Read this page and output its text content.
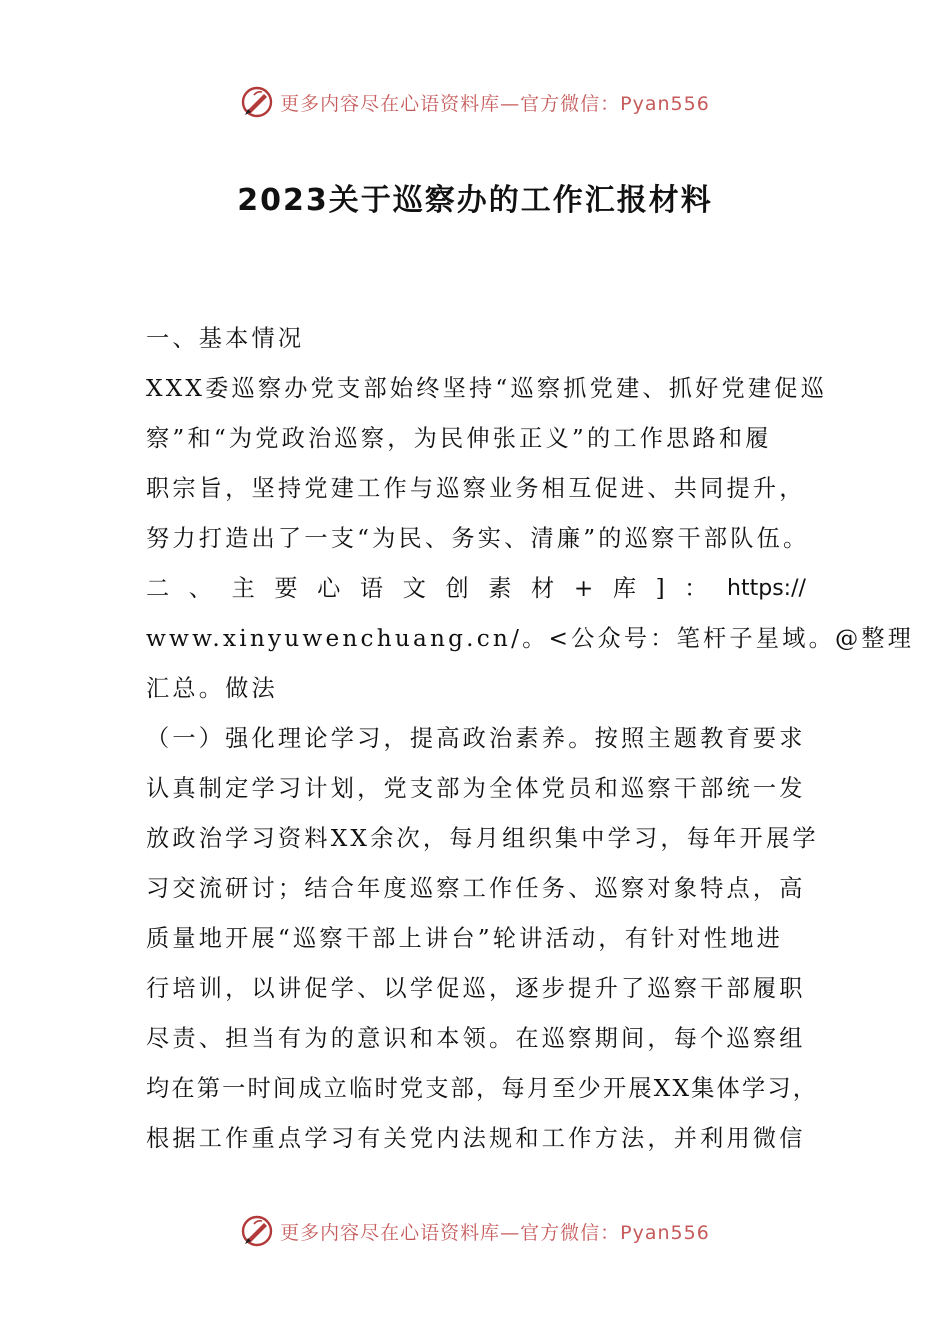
更多内容尽在心语资料库—官方微信：Pyan556
2023关于巡察办的工作汇报材料
一、基本情况
XXX委巡察办党支部始终坚持“巡察抓党建、抓好党建促巡
察”和“为党政治巡察，为民伸张正义”的工作思路和履
职宗旨，坚持党建工作与巡察业务相互促进、共同提升，
努力打造出了一支“为民、务实、清廉”的巡察干部队伍。
二 、 主 要 心 语 文 创 素 材 + 库 ] ： https://
www.xinyuwenchuang.cn/。<公众号：笔杆子星域。@整理
汇总。做法
（一）强化理论学习，提高政治素养。按照主题教育要求
认真制定学习计划，党支部为全体党员和巡察干部统一发
放政治学习资料XX余次，每月组织集中学习，每年开展学
习交流研讨；结合年度巡察工作任务、巡察对象特点，高
质量地开展“巡察干部上讲台”轮讲活动，有针对性地进
行培训，以讲促学、以学促巡，逐步提升了巡察干部履职
尽责、担当有为的意识和本领。在巡察期间，每个巡察组
均在第一时间成立临时党支部，每月至少开展XX集体学习，
根据工作重点学习有关党内法规和工作方法，并利用微信
更多内容尽在心语资料库—官方微信：Pyan556
